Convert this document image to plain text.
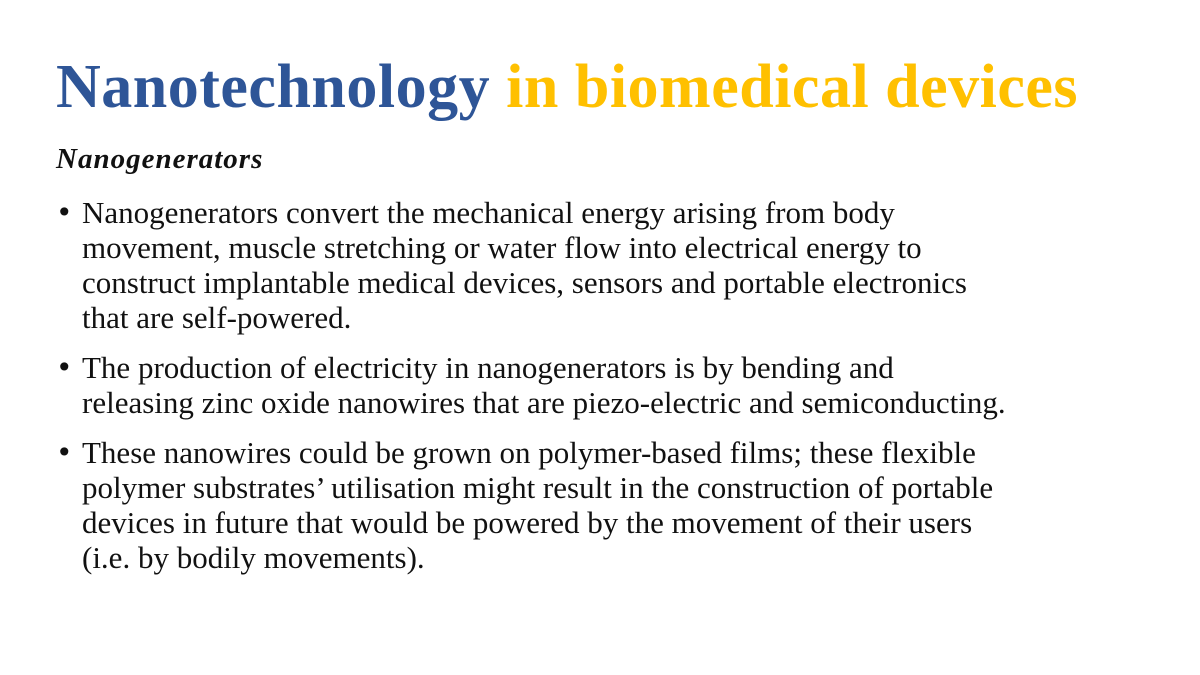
Nanotechnology in biomedical devices
Nanogenerators
• Nanogenerators convert the mechanical energy arising from body
movement, muscle stretching or water flow into electrical energy to
construct implantable medical devices, sensors and portable electronics
that are self-powered.
• The production of electricity in nanogenerators is by bending and
releasing zinc oxide nanowires that are piezo-electric and semiconducting.
• These nanowires could be grown on polymer-based films; these flexible
polymer substrates’ utilisation might result in the construction of portable
devices in future that would be powered by the movement of their users
(i.e. by bodily movements).
